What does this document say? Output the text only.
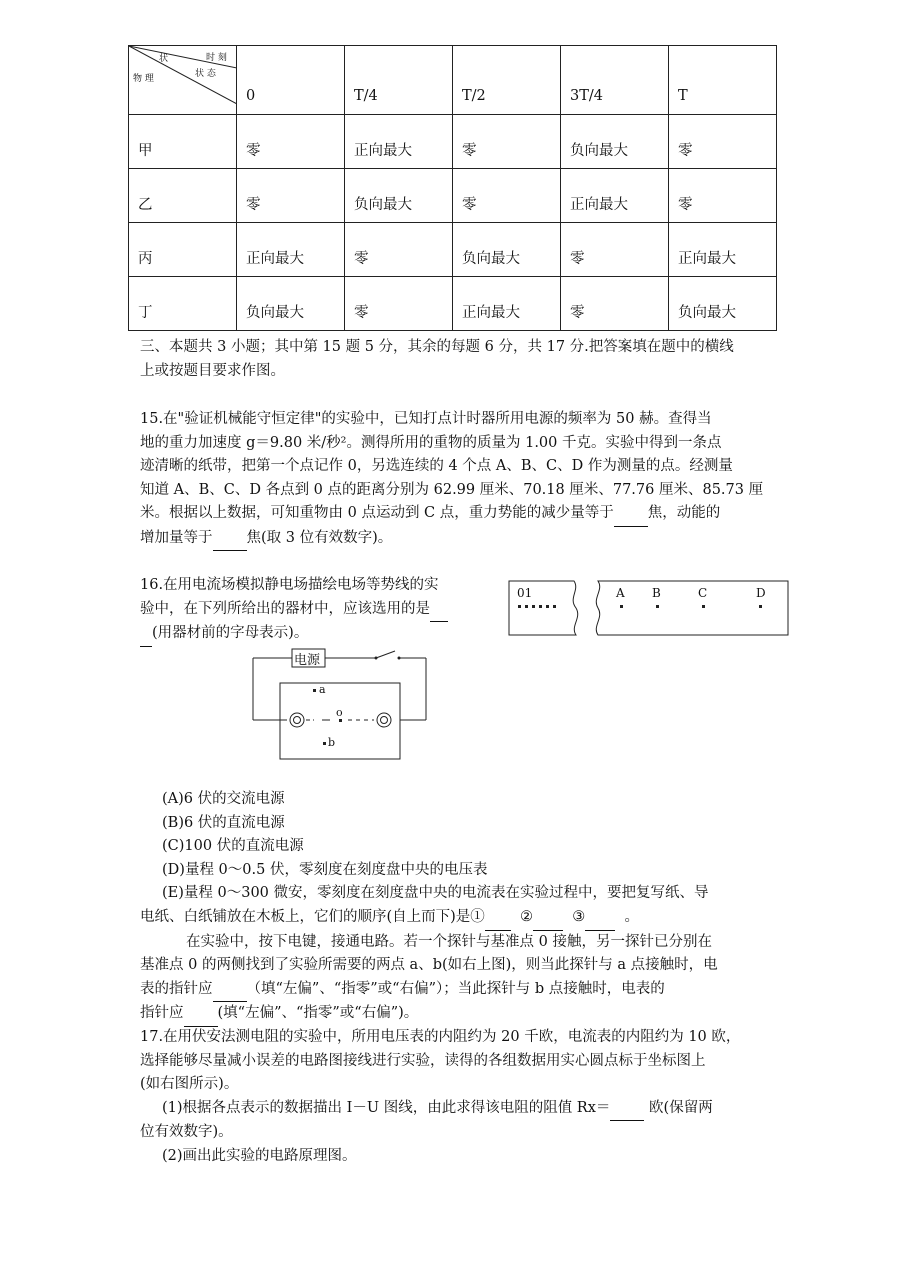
时 刻
状 态
状
物 理	0	T/4	T/2	3T/4	T
甲	零	正向最大	零	负向最大	零
乙	零	负向最大	零	正向最大	零
丙	正向最大	零	负向最大	零	正向最大
丁	负向最大	零	正向最大	零	负向最大
三、本题共 3 小题；其中第 15 题 5 分，其余的每题 6 分，共 17 分.把答案填在题中的横线
上或按题目要求作图。
15.在"验证机械能守恒定律"的实验中，已知打点计时器所用电源的频率为 50 赫。查得当
地的重力加速度 g＝9.80 米/秒²。测得所用的重物的质量为 1.00 千克。实验中得到一条点
迹清晰的纸带，把第一个点记作 0，另选连续的 4 个点 A、B、C、D 作为测量的点。经测量
知道 A、B、C、D 各点到 0 点的距离分别为 62.99 厘米、70.18 厘米、77.76 厘米、85.73 厘
米。根据以上数据，可知重物由 0 点运动到 C 点，重力势能的减少量等于 焦，动能的
增加量等于 焦(取 3 位有效数字)。
01	A B	C	D
16.在用电流场模拟静电场描绘电场等势线的实
验中，在下列所给出的器材中，应该选用的是
(用器材前的字母表示)。
电源
a
o
b
(A)6 伏的交流电源
(B)6 伏的直流电源
(C)100 伏的直流电源
(D)量程 0～0.5 伏，零刻度在刻度盘中央的电压表
(E)量程 0～300 微安，零刻度在刻度盘中央的电流表在实验过程中，要把复写纸、导
电纸、白纸铺放在木板上，它们的顺序(自上而下)是① ②	③	。
在实验中，按下电键，接通电路。若一个探针与基准点 0 接触，另一探针已分别在
基准点 0 的两侧找到了实验所需要的两点 a、b(如右上图)，则当此探针与 a 点接触时，电
表的指针应 （填“左偏”、“指零”或“右偏”）；当此探针与 b 点接触时，电表的
指针应 (填“左偏”、“指零”或“右偏”)。
17.在用伏安法测电阻的实验中，所用电压表的内阻约为 20 千欧，电流表的内阻约为 10 欧，
选择能够尽量减小误差的电路图接线进行实验，读得的各组数据用实心圆点标于坐标图上
(如右图所示)。
(1)根据各点表示的数据描出 I－U 图线，由此求得该电阻的阻值 Rx＝	欧(保留两
位有效数字)。
(2)画出此实验的电路原理图。
